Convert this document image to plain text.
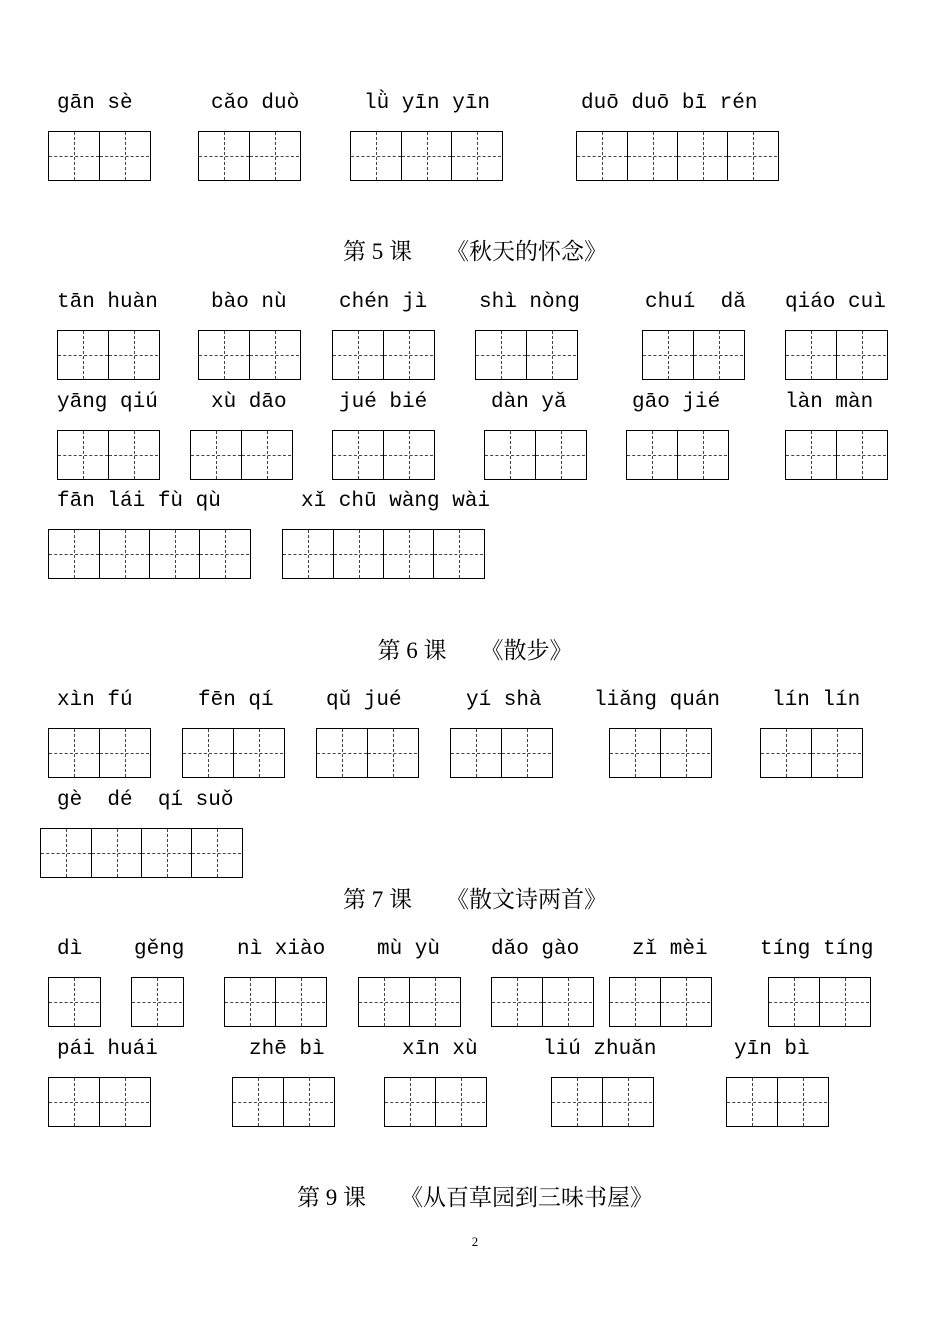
gān sè	cǎo duò	lǜ yīn yīn	duō duō bī rén
第 5 课 《秋天的怀念》
tān huàn	bào nù chén jì shì nòng	chuí  dǎ qiáo cuì
yāng qiú	xù dāo jué bié	dàn yǎ	gāo jié	làn màn
fān lái fù qù	xǐ chū wàng wài
第 6 课 《散步》
xìn fú	fēn qí qǔ jué	yí shà liǎng quán lín lín
gè  dé  qí suǒ
第 7 课 《散文诗两首》
dì gěng	nì xiào mù yù dǎo gào	zǐ mèi tíng tíng
pái huái	zhē bì	xīn xù	liú zhuǎn	yīn bì
第 9 课 《从百草园到三味书屋》
2
